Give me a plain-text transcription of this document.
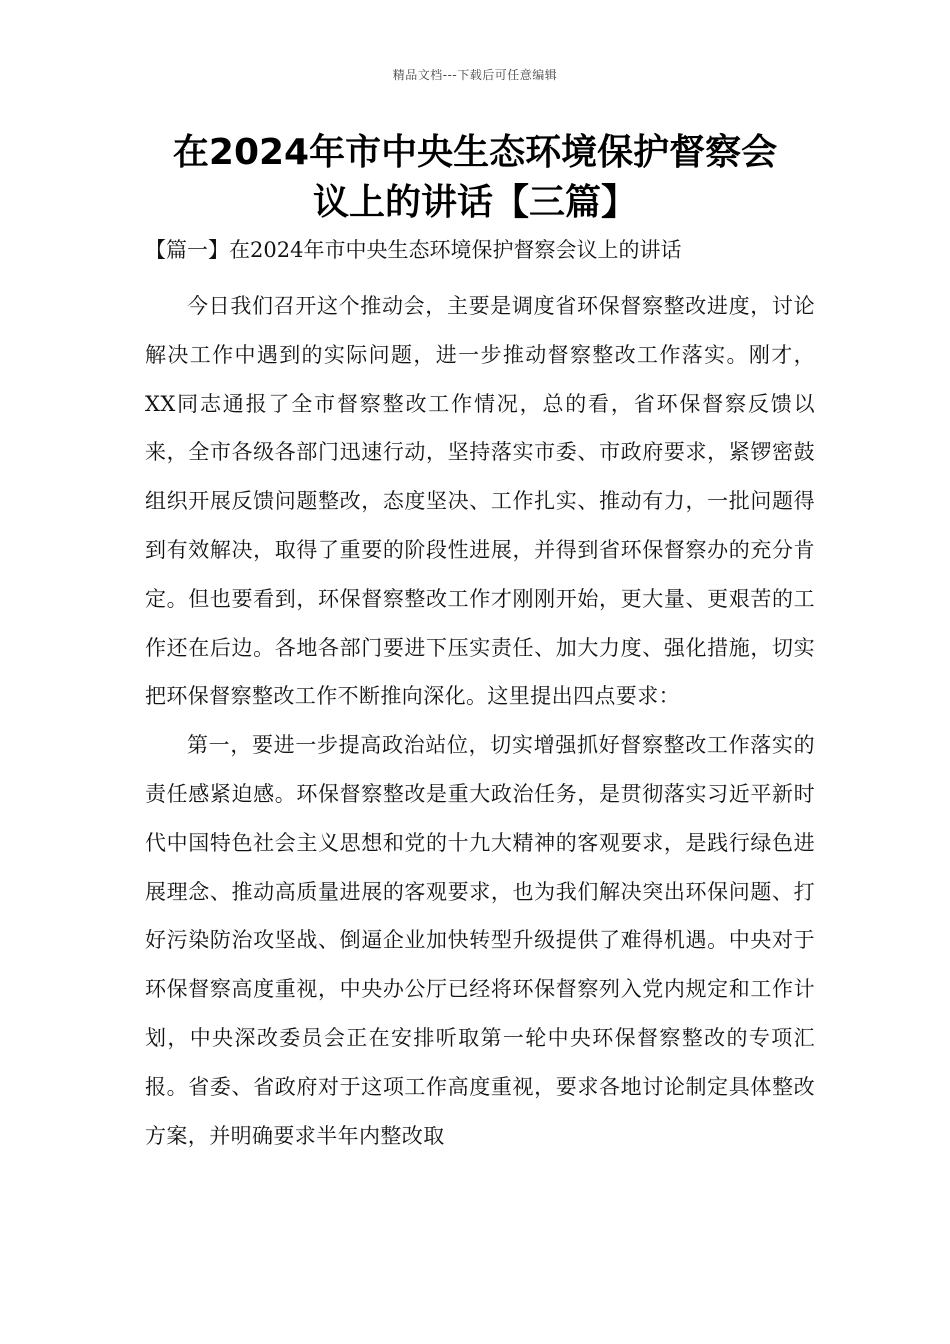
精品文档---下载后可任意编辑
在2024年市中央生态环境保护督察会
议上的讲话【三篇】

【篇一】在2024年市中央生态环境保护督察会议上的讲话

今日我们召开这个推动会，主要是调度省环保督察整改进度，讨论解决工作中遇到的实际问题，进一步推动督察整改工作落实。刚才，XX同志通报了全市督察整改工作情况，总的看，省环保督察反馈以来，全市各级各部门迅速行动，坚持落实市委、市政府要求，紧锣密鼓组织开展反馈问题整改，态度坚决、工作扎实、推动有力，一批问题得到有效解决，取得了重要的阶段性进展，并得到省环保督察办的充分肯定。但也要看到，环保督察整改工作才刚刚开始，更大量、更艰苦的工作还在后边。各地各部门要进下压实责任、加大力度、强化措施，切实把环保督察整改工作不断推向深化。这里提出四点要求：

第一，要进一步提高政治站位，切实增强抓好督察整改工作落实的责任感紧迫感。环保督察整改是重大政治任务，是贯彻落实习近平新时代中国特色社会主义思想和党的十九大精神的客观要求，是践行绿色进展理念、推动高质量进展的客观要求，也为我们解决突出环保问题、打好污染防治攻坚战、倒逼企业加快转型升级提供了难得机遇。中央对于环保督察高度重视，中央办公厅已经将环保督察列入党内规定和工作计划，中央深改委员会正在安排听取第一轮中央环保督察整改的专项汇报。省委、省政府对于这项工作高度重视，要求各地讨论制定具体整改方案，并明确要求半年内整改取
